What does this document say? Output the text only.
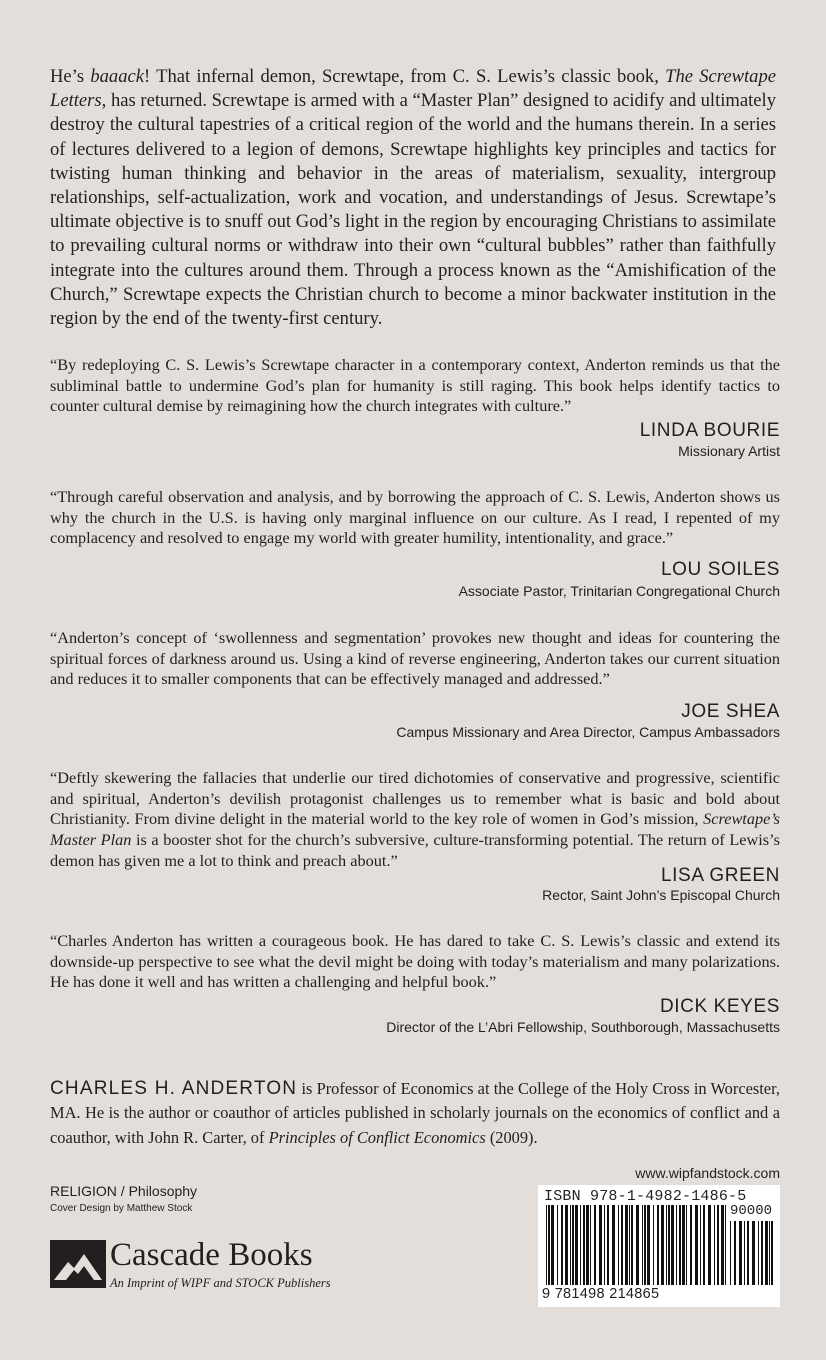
He’s baaack! That infernal demon, Screwtape, from C. S. Lewis’s classic book, The Screwtape Letters, has returned. Screwtape is armed with a “Master Plan” designed to acidify and ultimately destroy the cultural tapestries of a critical region of the world and the humans therein. In a series of lectures delivered to a legion of demons, Screwtape highlights key principles and tactics for twisting human thinking and behavior in the areas of materialism, sexuality, intergroup relationships, self-actualization, work and vocation, and understandings of Jesus. Screwtape’s ultimate objective is to snuff out God’s light in the region by encouraging Christians to assimilate to prevailing cultural norms or withdraw into their own “cultural bubbles” rather than faithfully integrate into the cultures around them. Through a process known as the “Amishification of the Church,” Screwtape expects the Christian church to become a minor backwater institution in the region by the end of the twenty-first century.

“By redeploying C. S. Lewis’s Screwtape character in a contemporary context, Anderton reminds us that the subliminal battle to undermine God’s plan for humanity is still raging. This book helps identify tactics to counter cultural demise by reimagining how the church integrates with culture.”

LINDA BOURIE
Missionary Artist

“Through careful observation and analysis, and by borrowing the approach of C. S. Lewis, Anderton shows us why the church in the U.S. is having only marginal influence on our culture. As I read, I repented of my complacency and resolved to engage my world with greater humility, intentionality, and grace.”

LOU SOILES
Associate Pastor, Trinitarian Congregational Church

“Anderton’s concept of ‘swollenness and segmentation’ provokes new thought and ideas for countering the spiritual forces of darkness around us. Using a kind of reverse engineering, Anderton takes our current situation and reduces it to smaller components that can be effectively managed and addressed.”

JOE SHEA
Campus Missionary and Area Director, Campus Ambassadors

“Deftly skewering the fallacies that underlie our tired dichotomies of conservative and progressive, scientific and spiritual, Anderton’s devilish protagonist challenges us to remember what is basic and bold about Christianity. From divine delight in the material world to the key role of women in God’s mission, Screwtape’s Master Plan is a booster shot for the church’s subversive, culture-transforming potential. The return of Lewis’s demon has given me a lot to think and preach about.”

LISA GREEN
Rector, Saint John’s Episcopal Church

“Charles Anderton has written a courageous book. He has dared to take C. S. Lewis’s classic and extend its downside-up perspective to see what the devil might be doing with today’s materialism and many polarizations. He has done it well and has written a challenging and helpful book.”

DICK KEYES
Director of the L’Abri Fellowship, Southborough, Massachusetts

CHARLES H. ANDERTON is Professor of Economics at the College of the Holy Cross in Worcester, MA. He is the author or coauthor of articles published in scholarly journals on the economics of conflict and a coauthor, with John R. Carter, of Principles of Conflict Economics (2009).

RELIGION / Philosophy
Cover Design by Matthew Stock
Cascade Books
An Imprint of WIPF and STOCK Publishers
www.wipfandstock.com
ISBN 978-1-4982-1486-5
90000
9 781498 214865
